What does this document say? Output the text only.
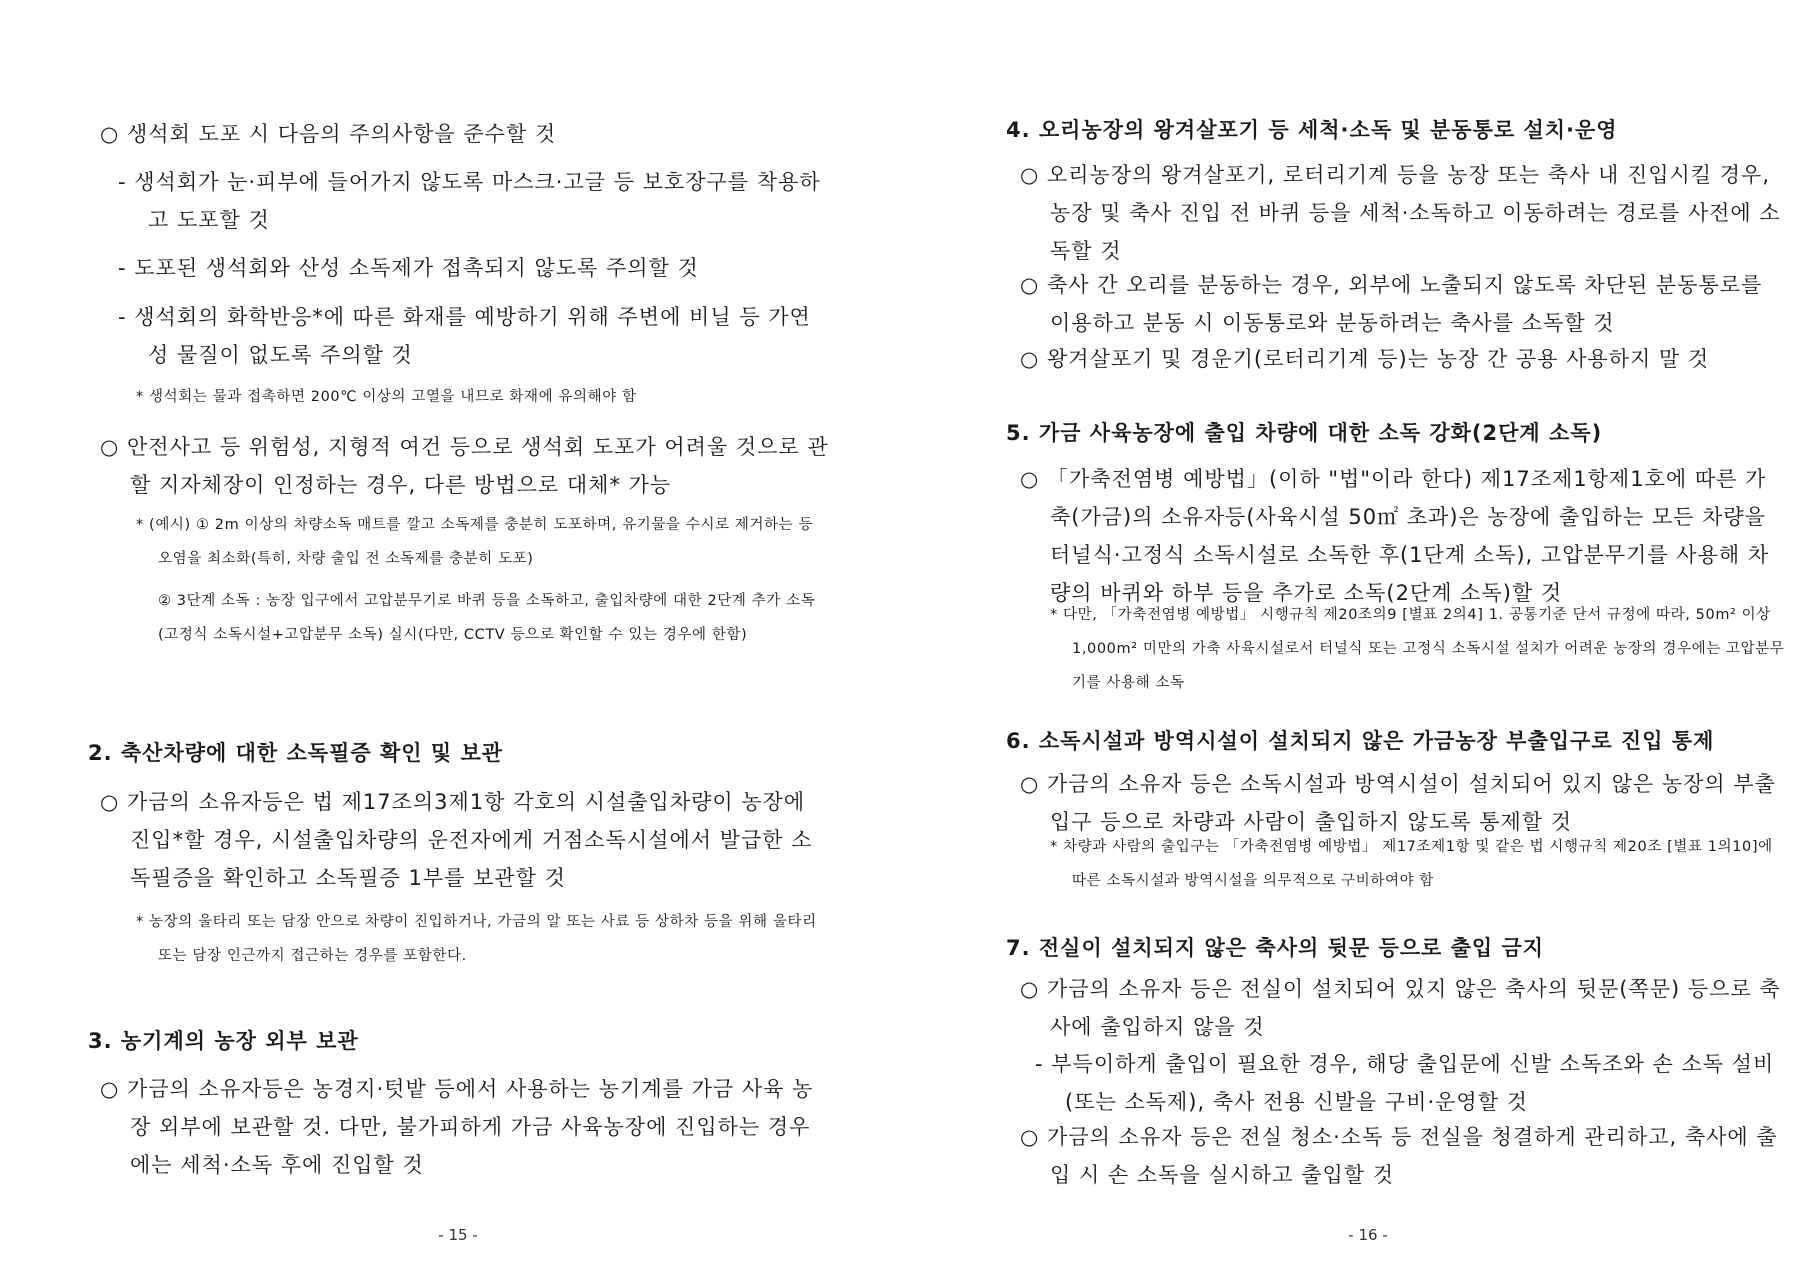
○ 생석회 도포 시 다음의 주의사항을 준수할 것

- 생석회가 눈·피부에 들어가지 않도록 마스크·고글 등 보호장구를 착용하고 도포할 것

- 도포된 생석회와 산성 소독제가 접촉되지 않도록 주의할 것

- 생석회의 화학반응*에 따른 화재를 예방하기 위해 주변에 비닐 등 가연성 물질이 없도록 주의할 것

* 생석회는 물과 접촉하면 200℃ 이상의 고열을 내므로 화재에 유의해야 함

○ 안전사고 등 위험성, 지형적 여건 등으로 생석회 도포가 어려울 것으로 관할 지자체장이 인정하는 경우, 다른 방법으로 대체* 가능

* (예시) ① 2m 이상의 차량소독 매트를 깔고 소독제를 충분히 도포하며, 유기물을 수시로 제거하는 등 오염을 최소화(특히, 차량 출입 전 소독제를 충분히 도포)

② 3단계 소독 : 농장 입구에서 고압분무기로 바퀴 등을 소독하고, 출입차량에 대한 2단계 추가 소독(고정식 소독시설+고압분무 소독) 실시(다만, CCTV 등으로 확인할 수 있는 경우에 한함)

2. 축산차량에 대한 소독필증 확인 및 보관

○ 가금의 소유자등은 법 제17조의3제1항 각호의 시설출입차량이 농장에 진입*할 경우, 시설출입차량의 운전자에게 거점소독시설에서 발급한 소독필증을 확인하고 소독필증 1부를 보관할 것

* 농장의 울타리 또는 담장 안으로 차량이 진입하거나, 가금의 알 또는 사료 등 상하차 등을 위해 울타리 또는 담장 인근까지 접근하는 경우를 포함한다.

3. 농기계의 농장 외부 보관

○ 가금의 소유자등은 농경지·텃밭 등에서 사용하는 농기계를 가금 사육 농장 외부에 보관할 것. 다만, 불가피하게 가금 사육농장에 진입하는 경우에는 세척·소독 후에 진입할 것

- 15 -

4. 오리농장의 왕겨살포기 등 세척·소독 및 분동통로 설치·운영

○ 오리농장의 왕겨살포기, 로터리기계 등을 농장 또는 축사 내 진입시킬 경우, 농장 및 축사 진입 전 바퀴 등을 세척·소독하고 이동하려는 경로를 사전에 소독할 것

○ 축사 간 오리를 분동하는 경우, 외부에 노출되지 않도록 차단된 분동통로를 이용하고 분동 시 이동통로와 분동하려는 축사를 소독할 것

○ 왕겨살포기 및 경운기(로터리기계 등)는 농장 간 공용 사용하지 말 것

5. 가금 사육농장에 출입 차량에 대한 소독 강화(2단계 소독)

○ 「가축전염병 예방법」(이하 "법"이라 한다) 제17조제1항제1호에 따른 가축(가금)의 소유자등(사육시설 50㎡ 초과)은 농장에 출입하는 모든 차량을 터널식·고정식 소독시설로 소독한 후(1단계 소독), 고압분무기를 사용해 차량의 바퀴와 하부 등을 추가로 소독(2단계 소독)할 것

* 다만, 「가축전염병 예방법」 시행규칙 제20조의9 [별표 2의4] 1. 공통기준 단서 규정에 따라, 50m² 이상 1,000m² 미만의 가축 사육시설로서 터널식 또는 고정식 소독시설 설치가 어려운 농장의 경우에는 고압분무기를 사용해 소독

6. 소독시설과 방역시설이 설치되지 않은 가금농장 부출입구로 진입 통제

○ 가금의 소유자 등은 소독시설과 방역시설이 설치되어 있지 않은 농장의 부출입구 등으로 차량과 사람이 출입하지 않도록 통제할 것

* 차량과 사람의 출입구는 「가축전염병 예방법」 제17조제1항 및 같은 법 시행규칙 제20조 [별표 1의10]에 따른 소독시설과 방역시설을 의무적으로 구비하여야 함

7. 전실이 설치되지 않은 축사의 뒷문 등으로 출입 금지

○ 가금의 소유자 등은 전실이 설치되어 있지 않은 축사의 뒷문(쪽문) 등으로 축사에 출입하지 않을 것

- 부득이하게 출입이 필요한 경우, 해당 출입문에 신발 소독조와 손 소독 설비(또는 소독제), 축사 전용 신발을 구비·운영할 것

○ 가금의 소유자 등은 전실 청소·소독 등 전실을 청결하게 관리하고, 축사에 출입 시 손 소독을 실시하고 출입할 것

- 16 -
